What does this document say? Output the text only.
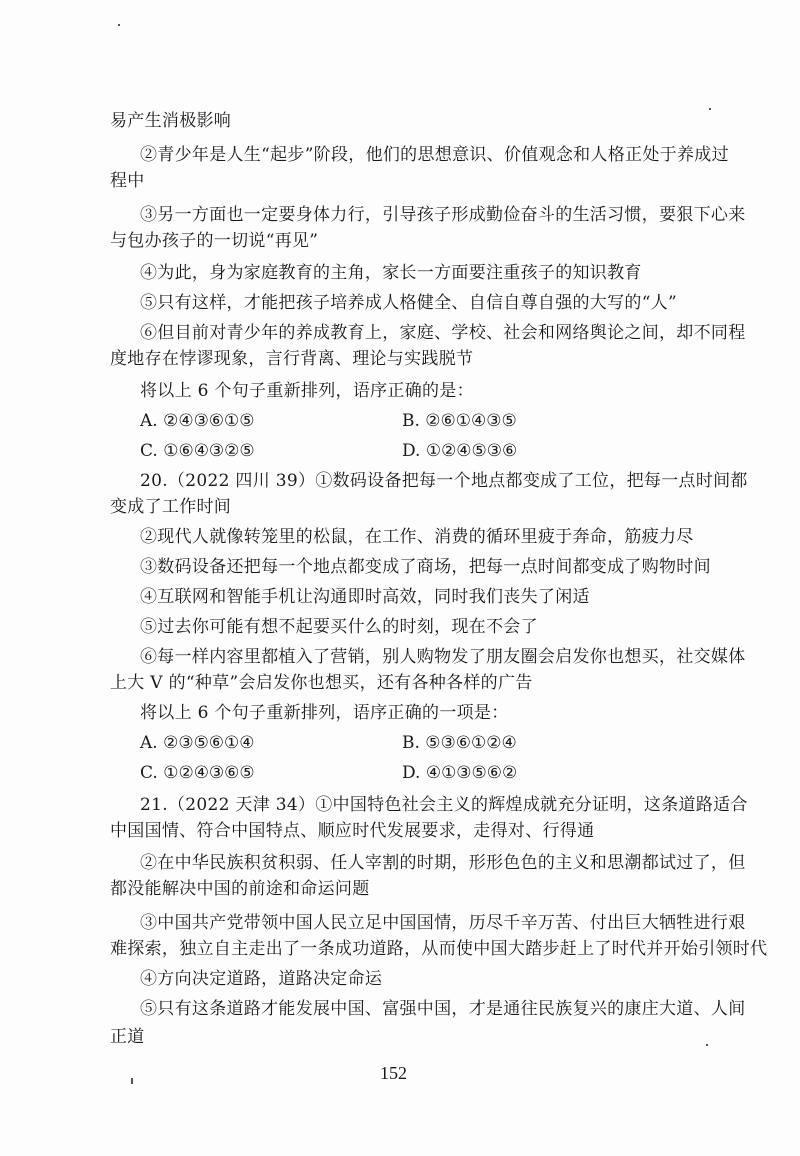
易产生消极影响
②青少年是人生“起步”阶段，他们的思想意识、价值观念和人格正处于养成过
程中
③另一方面也一定要身体力行，引导孩子形成勤俭奋斗的生活习惯，要狠下心来
与包办孩子的一切说“再见”
④为此，身为家庭教育的主角，家长一方面要注重孩子的知识教育
⑤只有这样，才能把孩子培养成人格健全、自信自尊自强的大写的“人”
⑥但目前对青少年的养成教育上，家庭、学校、社会和网络舆论之间，却不同程
度地存在悖谬现象，言行背离、理论与实践脱节
将以上 6 个句子重新排列，语序正确的是：
A. ②④③⑥①⑤	B. ②⑥①④③⑤
C. ①⑥④③②⑤	D. ①②④⑤③⑥
20.（2022 四川 39）①数码设备把每一个地点都变成了工位，把每一点时间都
变成了工作时间
②现代人就像转笼里的松鼠，在工作、消费的循环里疲于奔命，筋疲力尽
③数码设备还把每一个地点都变成了商场，把每一点时间都变成了购物时间
④互联网和智能手机让沟通即时高效，同时我们丧失了闲适
⑤过去你可能有想不起要买什么的时刻，现在不会了
⑥每一样内容里都植入了营销，别人购物发了朋友圈会启发你也想买，社交媒体
上大 V 的“种草”会启发你也想买，还有各种各样的广告
将以上 6 个句子重新排列，语序正确的一项是：
A. ②③⑤⑥①④	B. ⑤③⑥①②④
C. ①②④③⑥⑤	D. ④①③⑤⑥②
21.（2022 天津 34）①中国特色社会主义的辉煌成就充分证明，这条道路适合
中国国情、符合中国特点、顺应时代发展要求，走得对、行得通
②在中华民族积贫积弱、任人宰割的时期，形形色色的主义和思潮都试过了，但
都没能解决中国的前途和命运问题
③中国共产党带领中国人民立足中国国情，历尽千辛万苦、付出巨大牺牲进行艰
难探索，独立自主走出了一条成功道路，从而使中国大踏步赶上了时代并开始引领时代
④方向决定道路，道路决定命运
⑤只有这条道路才能发展中国、富强中国，才是通往民族复兴的康庄大道、人间
正道
152
